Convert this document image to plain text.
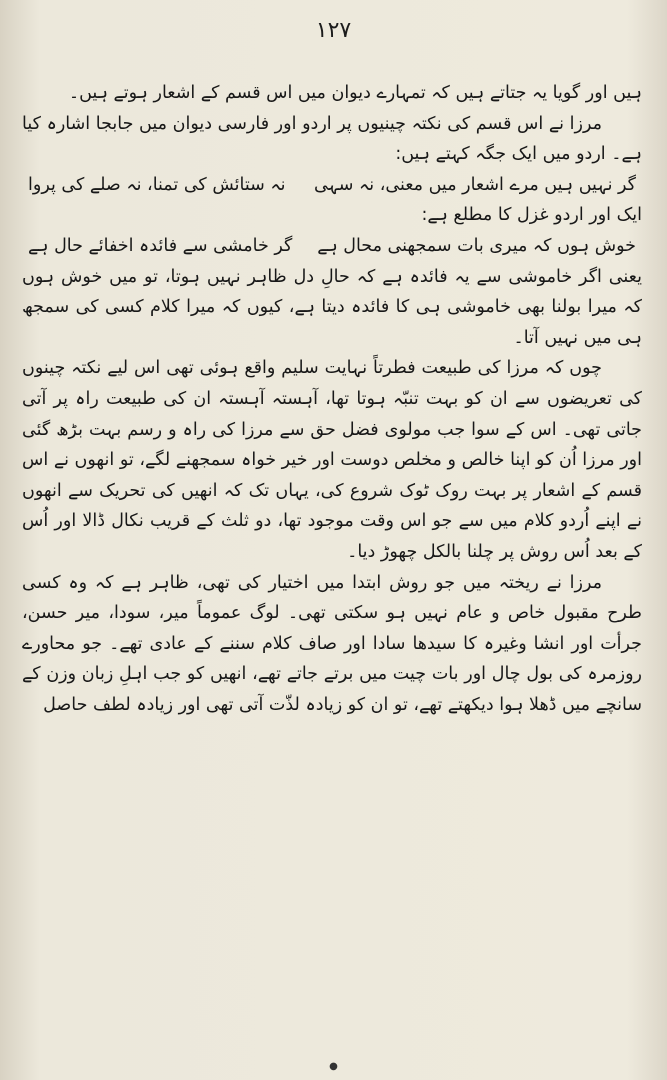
۱۲۷

ہیں اور گویا یہ جتاتے ہیں کہ تمہارے دیوان میں اس قسم کے اشعار ہوتے ہیں۔

مرزا نے اس قسم کی نکتہ چینیوں پر اردو اور فارسی دیوان میں جابجا اشارہ کیا ہے۔ اردو میں ایک جگہ کہتے ہیں:

گر نہیں ہیں مرے اشعار میں معنی، نہ سہی
نہ ستائش کی تمنا، نہ صلے کی پروا

ایک اور اردو غزل کا مطلع ہے:

خوش ہوں کہ میری بات سمجھنی محال ہے
گر خامشی سے فائدہ اخفائے حال ہے

یعنی اگر خاموشی سے یہ فائدہ ہے کہ حالِ دل ظاہر نہیں ہوتا، تو میں خوش ہوں کہ میرا بولنا بھی خاموشی ہی کا فائدہ دیتا ہے، کیوں کہ میرا کلام کسی کی سمجھ ہی میں نہیں آتا۔

چوں کہ مرزا کی طبیعت فطرتاً نہایت سلیم واقع ہوئی تھی اس لیے نکتہ چینوں کی تعریضوں سے ان کو بہت تنبّہ ہوتا تھا، آہستہ آہستہ ان کی طبیعت راہ پر آتی جاتی تھی۔ اس کے سوا جب مولوی فضل حق سے مرزا کی راہ و رسم بہت بڑھ گئی اور مرزا اُن کو اپنا خالص و مخلص دوست اور خیر خواہ سمجھنے لگے، تو انھوں نے اس قسم کے اشعار پر بہت روک ٹوک شروع کی، یہاں تک کہ انھیں کی تحریک سے انھوں نے اپنے اُردو کلام میں سے جو اس وقت موجود تھا، دو ثلث کے قریب نکال ڈالا اور اُس کے بعد اُس روش پر چلنا بالکل چھوڑ دیا۔

مرزا نے ریختہ میں جو روش ابتدا میں اختیار کی تھی، ظاہر ہے کہ وہ کسی طرح مقبول خاص و عام نہیں ہو سکتی تھی۔ لوگ عموماً میر، سودا، میر حسن، جرأت اور انشا وغیرہ کا سیدھا سادا اور صاف کلام سننے کے عادی تھے۔ جو محاورے روزمرہ کی بول چال اور بات چیت میں برتے جاتے تھے، انھیں کو جب اہلِ زبان وزن کے سانچے میں ڈھلا ہوا دیکھتے تھے، تو ان کو زیادہ لذّت آتی تھی اور زیادہ لطف حاصل

●
